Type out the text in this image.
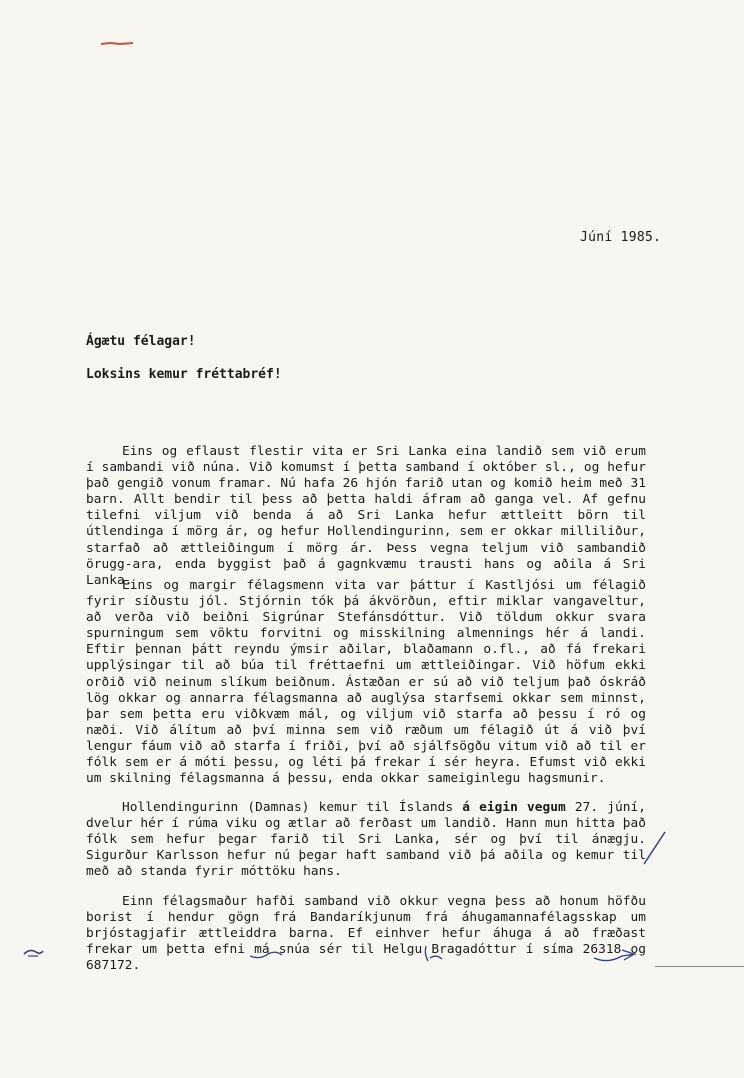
Júní 1985.
Ágætu félagar!
Loksins kemur fréttabréf!

Eins og eflaust flestir vita er Sri Lanka eina landið sem við erum í sambandi við núna. Við komumst í þetta samband í október sl., og hefur það gengið vonum framar. Nú hafa 26 hjón farið utan og komið heim með 31 barn. Allt bendir til þess að þetta haldi áfram að ganga vel. Af gefnu tilefni viljum við benda á að Sri Lanka hefur ættleitt börn til útlendinga í mörg ár, og hefur Hollendingurinn, sem er okkar milliliður, starfað að ættleiðingum í mörg ár. Þess vegna teljum við sambandið örugg-ara, enda byggist það á gagnkvæmu trausti hans og aðila á Sri Lanka.

Eins og margir félagsmenn vita var þáttur í Kastljósi um félagið fyrir síðustu jól. Stjórnin tók þá ákvörðun, eftir miklar vangaveltur, að verða við beiðni Sigrúnar Stefánsdóttur. Við töldum okkur svara spurningum sem vöktu forvitni og misskilning almennings hér á landi. Eftir þennan þátt reyndu ýmsir aðilar, blaðamann o.fl., að fá frekari upplýsingar til að búa til fréttaefni um ættleiðingar. Við höfum ekki orðið við neinum slíkum beiðnum. Ástæðan er sú að við teljum það óskráð lög okkar og annarra félagsmanna að auglýsa starfsemi okkar sem minnst, þar sem þetta eru viðkvæm mál, og viljum við starfa að þessu í ró og næði. Við álítum að því minna sem við ræðum um félagið út á við því lengur fáum við að starfa í friði, því að sjálfsögðu vitum við að til er fólk sem er á móti þessu, og léti þá frekar í sér heyra. Efumst við ekki um skilning félagsmanna á þessu, enda okkar sameiginlegu hagsmunir.

Hollendingurinn (Damnas) kemur til Íslands á eigin vegum 27. júní, dvelur hér í rúma viku og ætlar að ferðast um landið. Hann mun hitta það fólk sem hefur þegar farið til Sri Lanka, sér og því til ánægju. Sigurður Karlsson hefur nú þegar haft samband við þá aðila og kemur til með að standa fyrir móttöku hans.

Einn félagsmaður hafði samband við okkur vegna þess að honum höfðu borist í hendur gögn frá Bandaríkjunum frá áhugamannafélagsskap um brjóstagjafir ættleiddra barna. Ef einhver hefur áhuga á að fræðast frekar um þetta efni má snúa sér til Helgu Bragadóttur í síma 26318 og 687172.
